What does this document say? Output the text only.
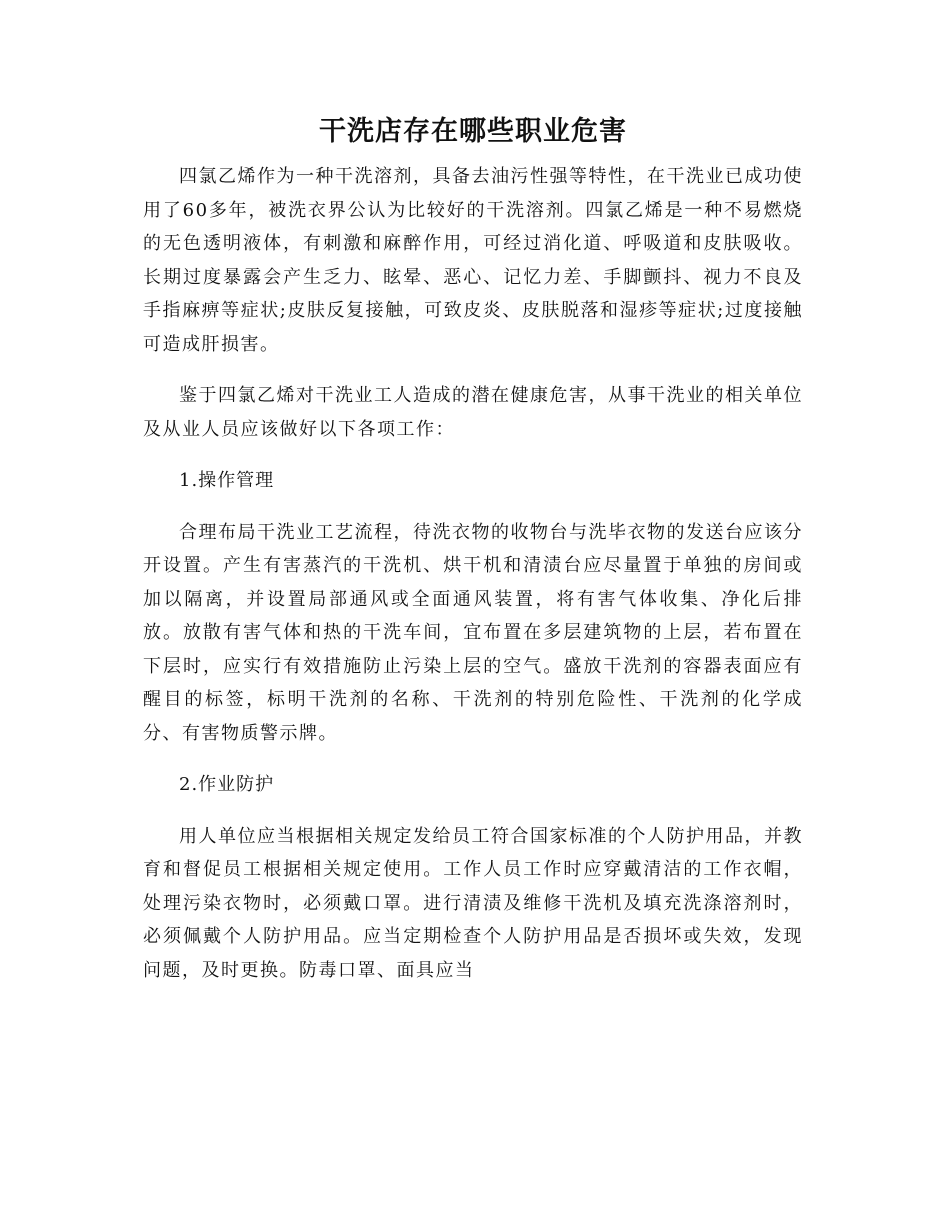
干洗店存在哪些职业危害

四氯乙烯作为一种干洗溶剂，具备去油污性强等特性，在干洗业已成功使用了60多年，被洗衣界公认为比较好的干洗溶剂。四氯乙烯是一种不易燃烧的无色透明液体，有刺激和麻醉作用，可经过消化道、呼吸道和皮肤吸收。长期过度暴露会产生乏力、眩晕、恶心、记忆力差、手脚颤抖、视力不良及手指麻痹等症状;皮肤反复接触，可致皮炎、皮肤脱落和湿疹等症状;过度接触可造成肝损害。

鉴于四氯乙烯对干洗业工人造成的潜在健康危害，从事干洗业的相关单位及从业人员应该做好以下各项工作：

1.操作管理

合理布局干洗业工艺流程，待洗衣物的收物台与洗毕衣物的发送台应该分开设置。产生有害蒸汽的干洗机、烘干机和清渍台应尽量置于单独的房间或加以隔离，并设置局部通风或全面通风装置，将有害气体收集、净化后排放。放散有害气体和热的干洗车间，宜布置在多层建筑物的上层，若布置在下层时，应实行有效措施防止污染上层的空气。盛放干洗剂的容器表面应有醒目的标签，标明干洗剂的名称、干洗剂的特别危险性、干洗剂的化学成分、有害物质警示牌。

2.作业防护

用人单位应当根据相关规定发给员工符合国家标准的个人防护用品，并教育和督促员工根据相关规定使用。工作人员工作时应穿戴清洁的工作衣帽，处理污染衣物时，必须戴口罩。进行清渍及维修干洗机及填充洗涤溶剂时，必须佩戴个人防护用品。应当定期检查个人防护用品是否损坏或失效，发现问题，及时更换。防毒口罩、面具应当
